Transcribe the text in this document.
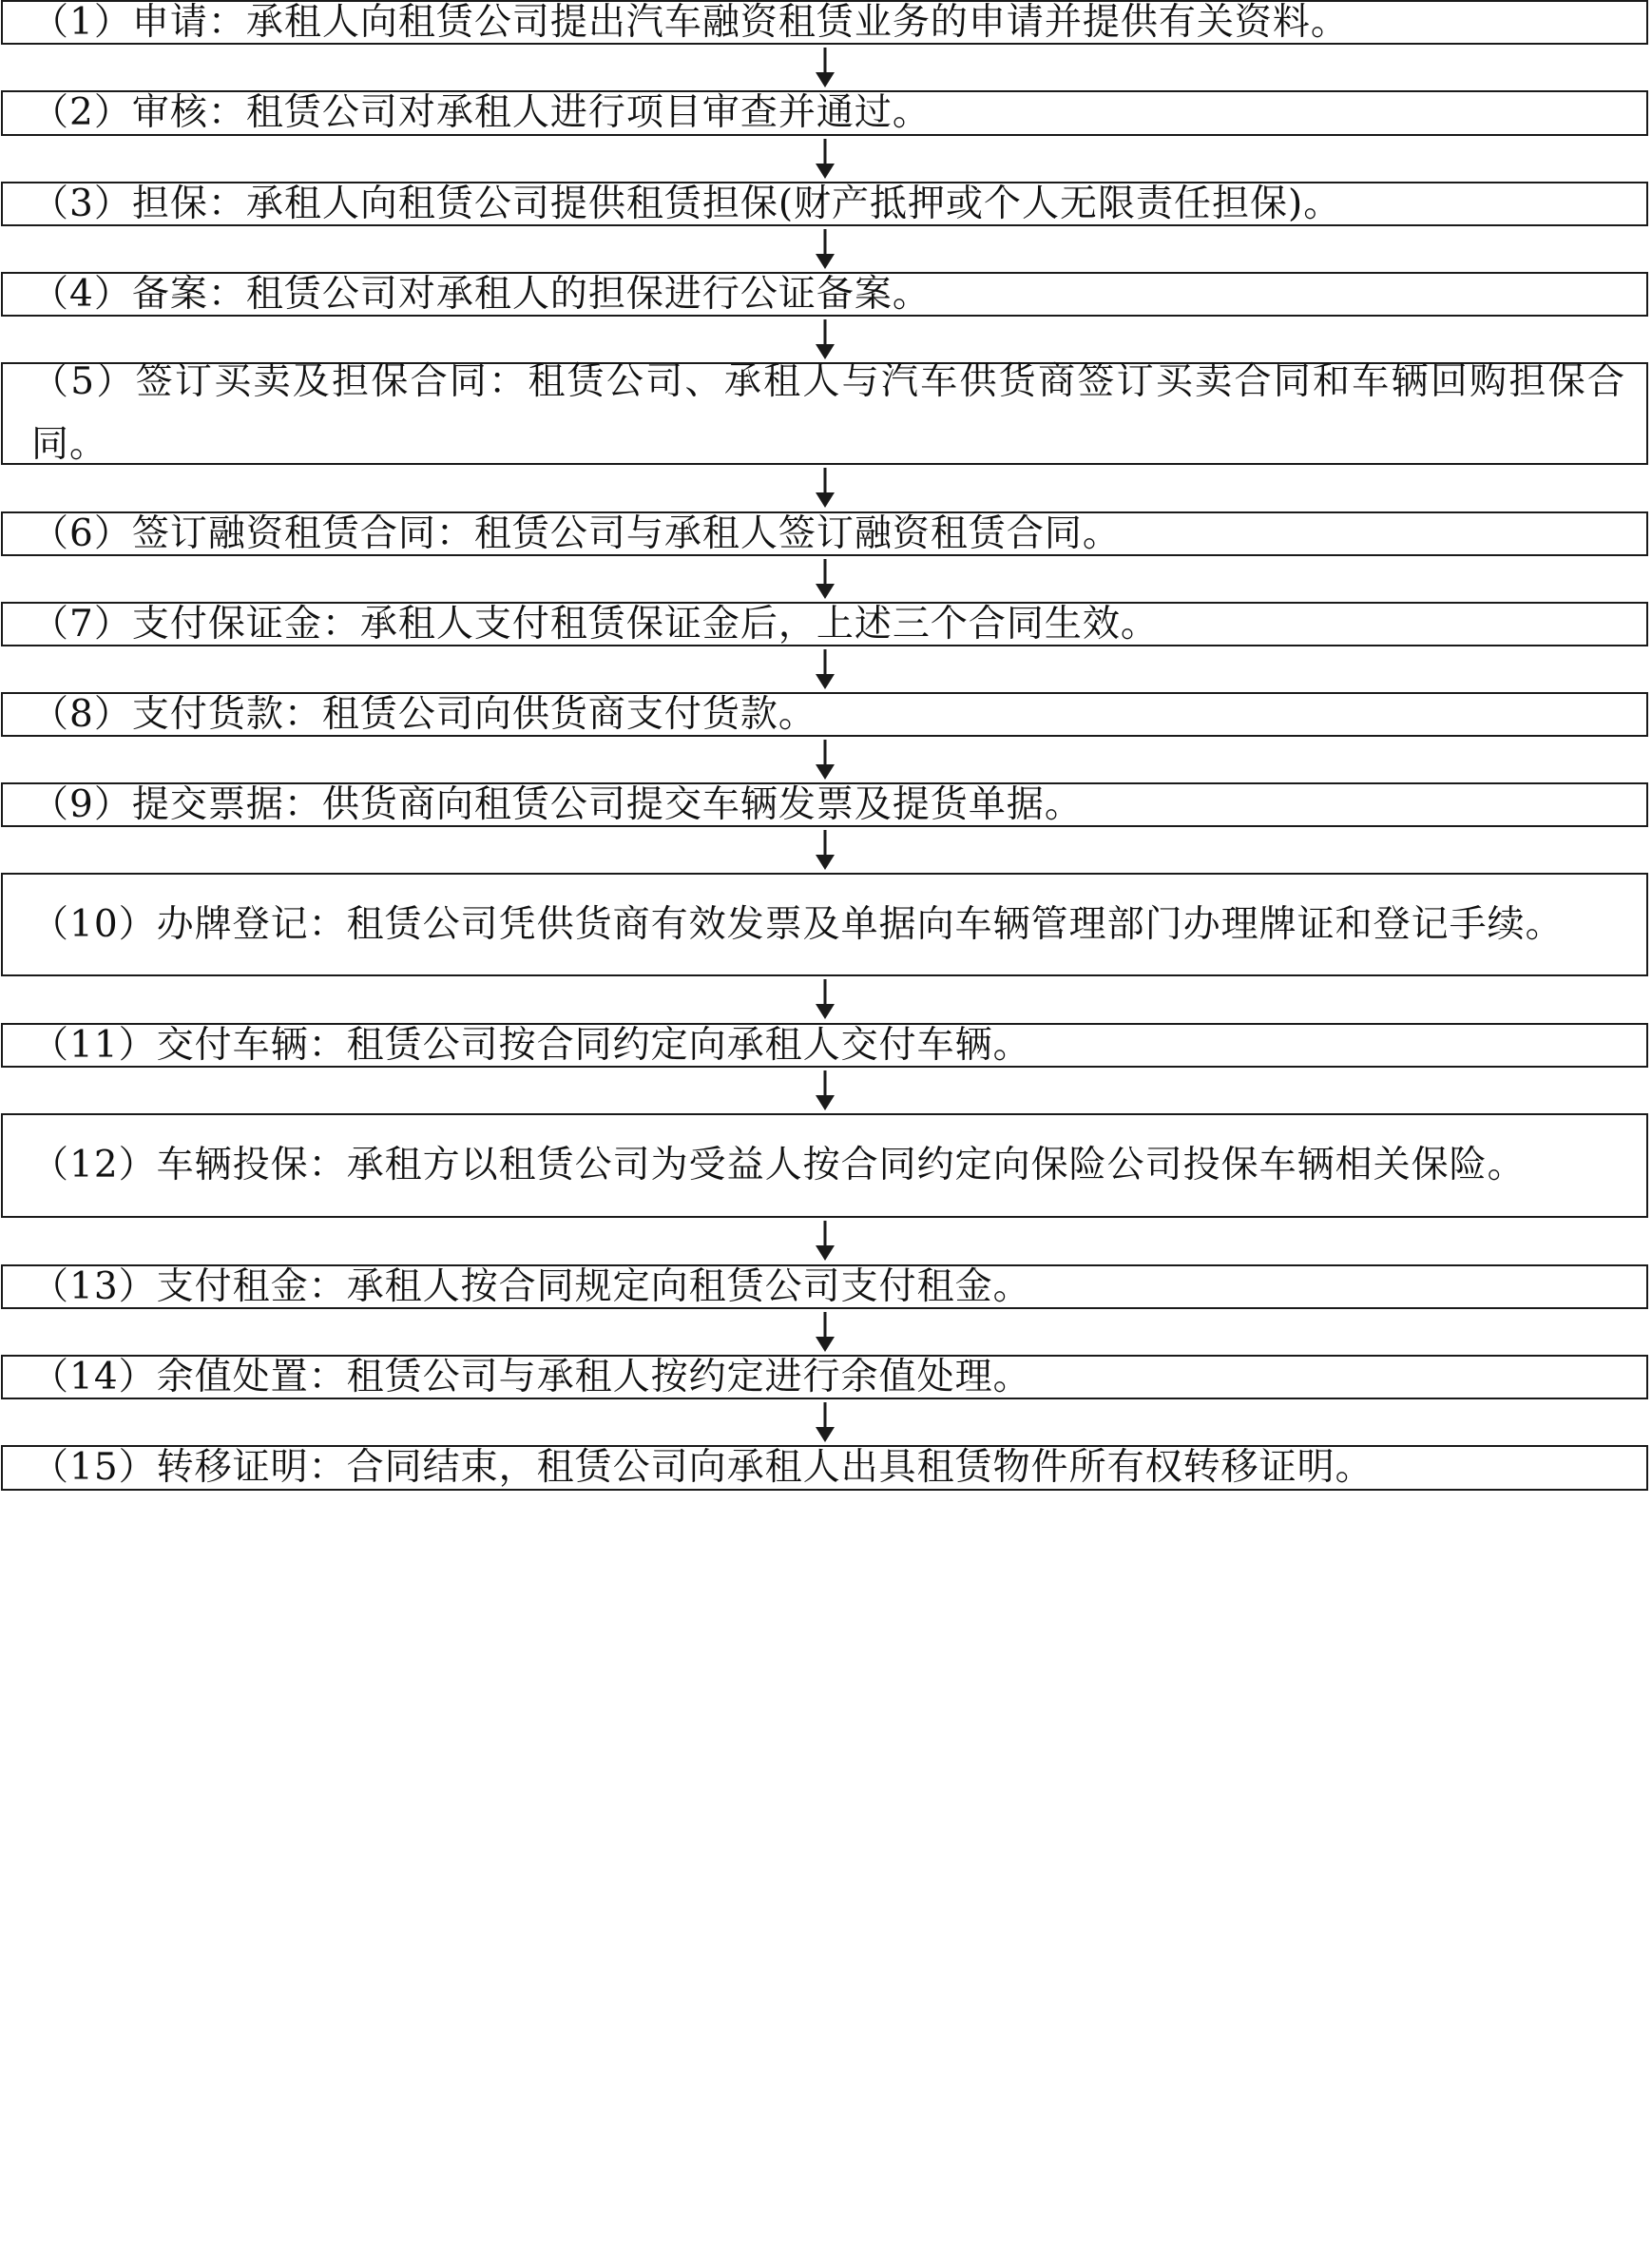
（1）申请：承租人向租赁公司提出汽车融资租赁业务的申请并提供有关资料。
（2）审核：租赁公司对承租人进行项目审查并通过。
（3）担保：承租人向租赁公司提供租赁担保(财产抵押或个人无限责任担保)。
（4）备案：租赁公司对承租人的担保进行公证备案。
（5）签订买卖及担保合同：租赁公司、承租人与汽车供货商签订买卖合同和车辆回购担保合同。
（6）签订融资租赁合同：租赁公司与承租人签订融资租赁合同。
（7）支付保证金：承租人支付租赁保证金后，上述三个合同生效。
（8）支付货款：租赁公司向供货商支付货款。
（9）提交票据：供货商向租赁公司提交车辆发票及提货单据。
（10）办牌登记：租赁公司凭供货商有效发票及单据向车辆管理部门办理牌证和登记手续。
（11）交付车辆：租赁公司按合同约定向承租人交付车辆。
（12）车辆投保：承租方以租赁公司为受益人按合同约定向保险公司投保车辆相关保险。
（13）支付租金：承租人按合同规定向租赁公司支付租金。
（14）余值处置：租赁公司与承租人按约定进行余值处理。
（15）转移证明：合同结束，租赁公司向承租人出具租赁物件所有权转移证明。
